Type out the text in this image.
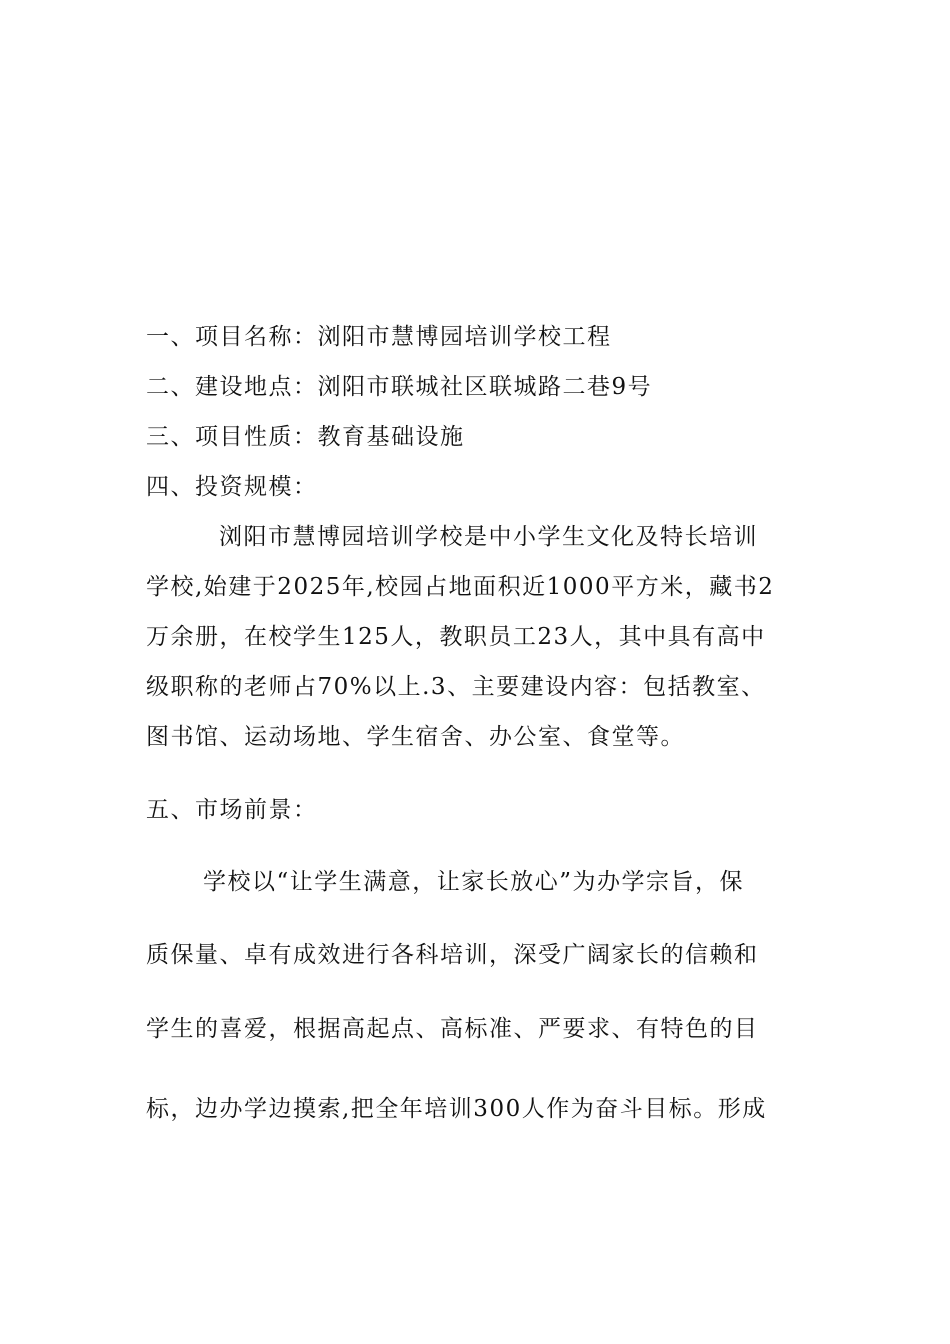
一、项目名称：浏阳市慧博园培训学校工程
二、建设地点：浏阳市联城社区联城路二巷9号
三、项目性质：教育基础设施
四、投资规模：
浏阳市慧博园培训学校是中小学生文化及特长培训
学校,始建于2025年,校园占地面积近1000平方米，藏书2
万余册，在校学生125人，教职员工23人，其中具有高中
级职称的老师占70%以上.3、主要建设内容：包括教室、
图书馆、运动场地、学生宿舍、办公室、食堂等。
五、市场前景：
学校以“让学生满意，让家长放心”为办学宗旨，保
质保量、卓有成效进行各科培训，深受广阔家长的信赖和
学生的喜爱，根据高起点、高标准、严要求、有特色的目
标，边办学边摸索,把全年培训300人作为奋斗目标。形成
